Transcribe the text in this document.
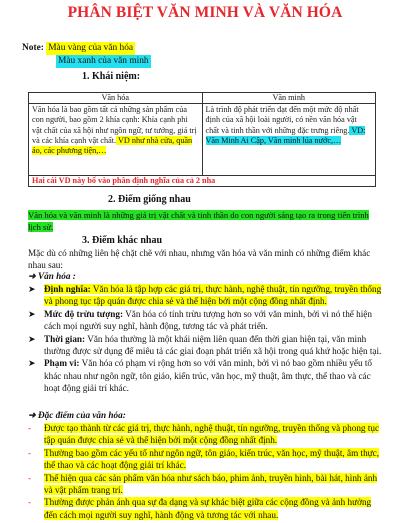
PHÂN BIỆT VĂN MINH VÀ VĂN HÓA
Note: Màu vàng của văn hóa
Màu xanh của văn minh
1. Khái niệm:
Văn hóa	Văn minh
Văn hóa là bao gồm tất cả những sản phẩm của con người, bao gồm 2 khía cạnh: Khía cạnh phi vật chất của xã hội như ngôn ngữ, tư tưởng, giá trị và các khía cạnh vật chất. VD như nhà cửa, quần áo, các phương tiện,…	Là trình độ phát triển đạt đến một mức độ nhất định của xã hội loài người, có nền văn hóa vật chất và tinh thần với những đặc trưng riêng. VD: Văn Minh Ai Cập, Văn minh lúa nước,…
Hai cái VD này bổ vào phân định nghĩa của cả 2 nha
2. Điểm giống nhau
Văn hóa và văn minh là những giá trị vật chất và tinh thần do con người sáng tạo ra trong tiến trình lịch sử.
3. Điểm khác nhau
Mặc dù có những liên hệ chặt chẽ với nhau, nhưng văn hóa và văn minh có những điểm khác nhau sau:
➜ Văn hóa :
➤ Định nghĩa: Văn hóa là tập hợp các giá trị, thực hành, nghệ thuật, tín ngưỡng, truyền thống và phong tục tập quán được chia sẻ và thể hiện bởi một cộng đồng nhất định.
➤ Mức độ trừu tượng: Văn hóa có tính trừu tượng hơn so với văn minh, bởi vì nó thể hiện cách mọi người suy nghĩ, hành động, tương tác và phát triển.
➤ Thời gian: Văn hóa thường là một khái niệm liên quan đến thời gian hiện tại, văn minh thường được sử dụng để miêu tả các giai đoạn phát triển xã hội trong quá khứ hoặc hiện tại.
➤ Phạm vi: Văn hóa có phạm vi rộng hơn so với văn minh, bởi vì nó bao gồm nhiều yếu tố khác nhau như ngôn ngữ, tôn giáo, kiến trúc, văn học, mỹ thuật, âm thực, thể thao và các hoạt động giải trí khác.
➜ Đặc điểm của văn hóa:
- Được tạo thành từ các giá trị, thực hành, nghệ thuật, tín ngưỡng, truyền thống và phong tục tập quán được chia sẻ và thể hiện bởi một cộng đồng nhất định.
- Thường bao gồm các yếu tố như ngôn ngữ, tôn giáo, kiến trúc, văn học, mỹ thuật, âm thực, thể thao và các hoạt động giải trí khác.
- Thể hiện qua các sản phẩm văn hóa như sách báo, phim ảnh, truyền hình, bài hát, hình ảnh và vật phẩm trang trí.
- Thường được phản ánh qua sự đa dạng và sự khác biệt giữa các cộng đồng và ảnh hưởng đến cách mọi người suy nghĩ, hành động và tương tác với nhau.
